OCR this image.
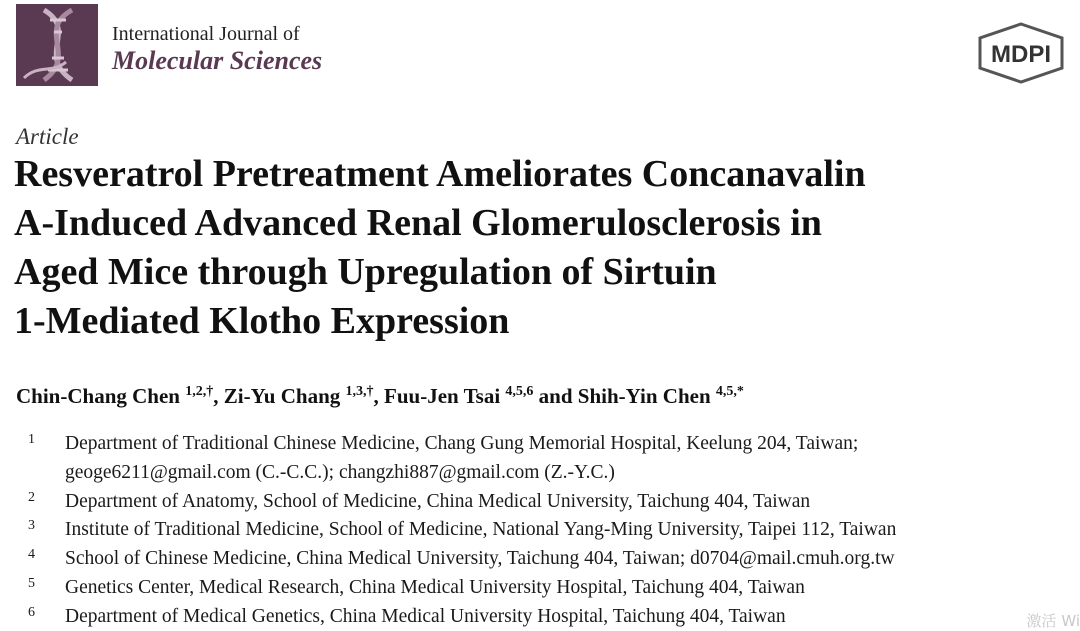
International Journal of
Molecular Sciences	MDPI
Article
Resveratrol Pretreatment Ameliorates Concanavalin
A-Induced Advanced Renal Glomerulosclerosis in
Aged Mice through Upregulation of Sirtuin
1-Mediated Klotho Expression
Chin-Chang Chen $^{1,2,\dagger}$, Zi-Yu Chang $^{1,3,\dagger}$, Fuu-Jen Tsai $^{4,5,6}$ and Shih-Yin Chen $^{4,5,*}$
1 Department of Traditional Chinese Medicine, Chang Gung Memorial Hospital, Keelung 204, Taiwan;
geoge6211@gmail.com (C.-C.C.); changzhi887@gmail.com (Z.-Y.C.)
2 Department of Anatomy, School of Medicine, China Medical University, Taichung 404, Taiwan
3 Institute of Traditional Medicine, School of Medicine, National Yang-Ming University, Taipei 112, Taiwan
4 School of Chinese Medicine, China Medical University, Taichung 404, Taiwan; d0704@mail.cmuh.org.tw
5 Genetics Center, Medical Research, China Medical University Hospital, Taichung 404, Taiwan
6 Department of Medical Genetics, China Medical University Hospital, Taichung 404, Taiwan	激活 Wi
